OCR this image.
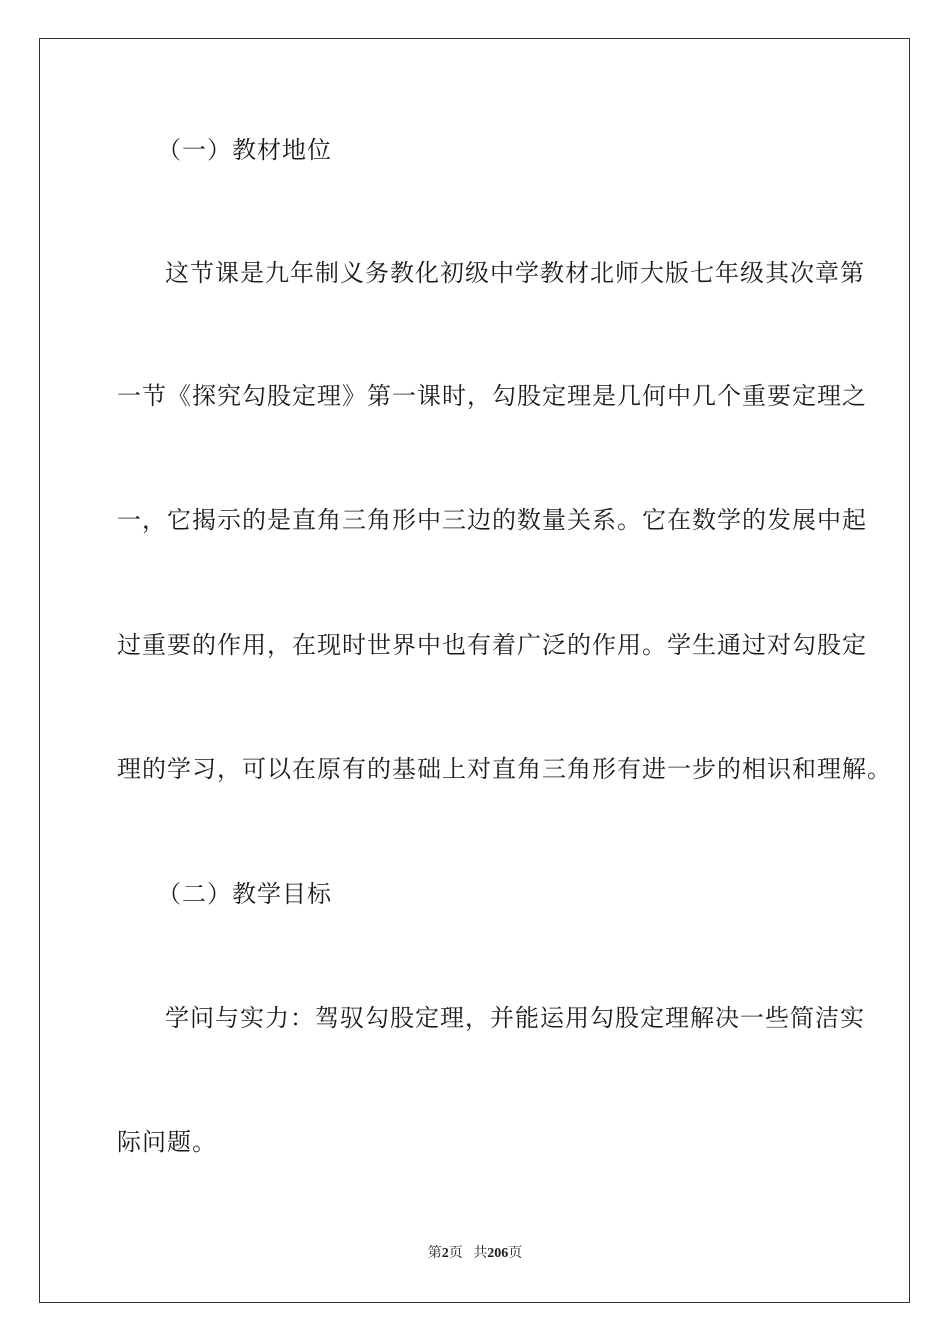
（一）教材地位
这节课是九年制义务教化初级中学教材北师大版七年级其次章第
一节《探究勾股定理》第一课时，勾股定理是几何中几个重要定理之
一，它揭示的是直角三角形中三边的数量关系。它在数学的发展中起
过重要的作用，在现时世界中也有着广泛的作用。学生通过对勾股定
理的学习，可以在原有的基础上对直角三角形有进一步的相识和理解。
（二）教学目标
学问与实力：驾驭勾股定理，并能运用勾股定理解决一些简洁实
际问题。
第2页 共206页
